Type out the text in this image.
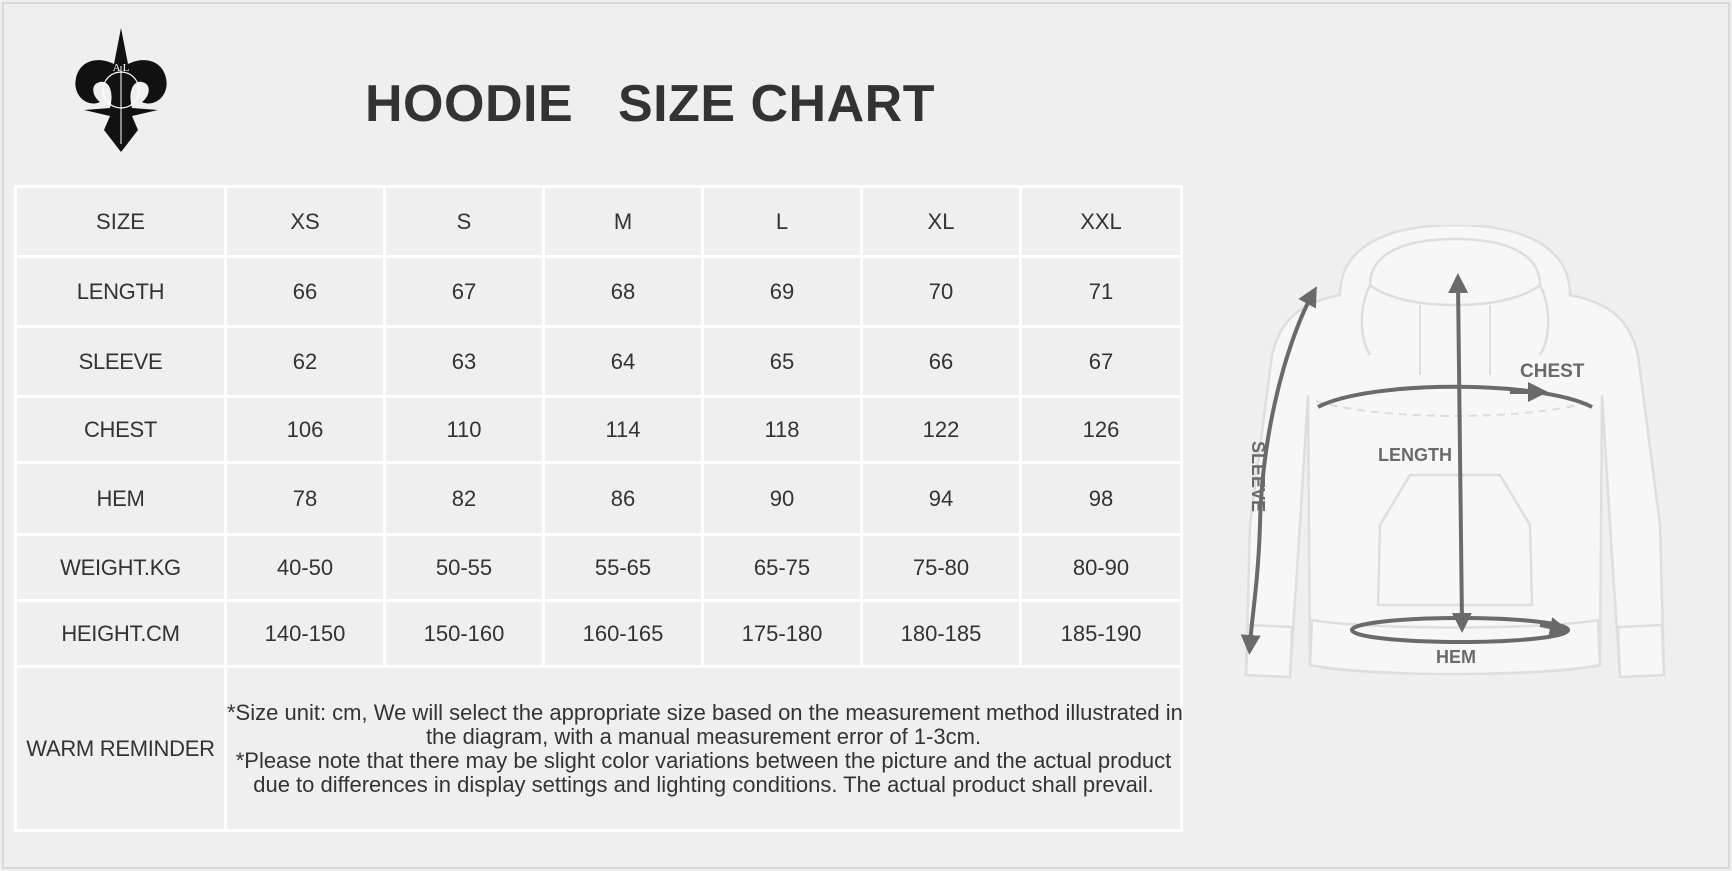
A L
HOODIE   SIZE CHART
SIZE	XS	S	M	L	XL	XXL
LENGTH	66	67	68	69	70	71
SLEEVE	62	63	64	65	66	67
CHEST	106	110	114	118	122	126
HEM	78	82	86	90	94	98
WEIGHT.KG	40-50	50-55	55-65	65-75	75-80	80-90
HEIGHT.CM	140-150	150-160	160-165	175-180	180-185	185-190
WARM REMINDER	*Size unit: cm, We will select the appropriate size based on the measurement method illustrated in
the diagram, with a manual measurement error of 1-3cm.
*Please note that there may be slight color variations between the picture and the actual product
due to differences in display settings and lighting conditions. The actual product shall prevail.					
CHEST
LENGTH
SLEEVE
HEM
